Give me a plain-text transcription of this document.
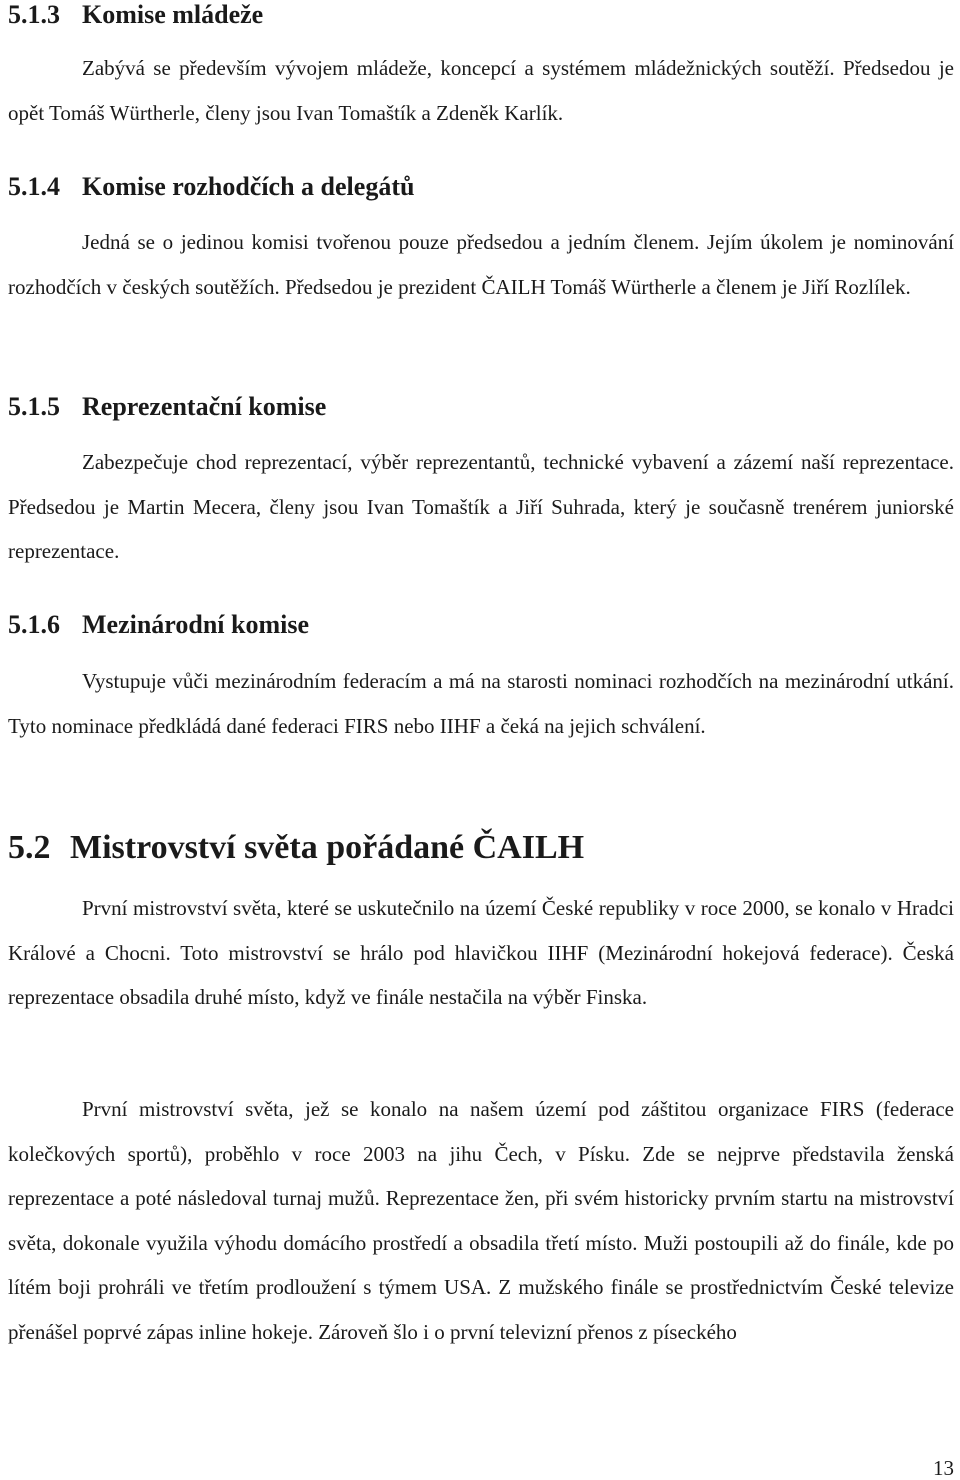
5.1.3 Komise mládeže

Zabývá se především vývojem mládeže, koncepcí a systémem mládežnických soutěží. Předsedou je opět Tomáš Würtherle, členy jsou Ivan Tomaštík a Zdeněk Karlík.

5.1.4 Komise rozhodčích a delegátů

Jedná se o jedinou komisi tvořenou pouze předsedou a jedním členem. Jejím úkolem je nominování rozhodčích v českých soutěžích. Předsedou je prezident ČAILH Tomáš Würtherle a členem je Jiří Rozlílek.

5.1.5 Reprezentační komise

Zabezpečuje chod reprezentací, výběr reprezentantů, technické vybavení a zázemí naší reprezentace. Předsedou je Martin Mecera, členy jsou Ivan Tomaštík a Jiří Suhrada, který je současně trenérem juniorské reprezentace.

5.1.6 Mezinárodní komise

Vystupuje vůči mezinárodním federacím a má na starosti nominaci rozhodčích na mezinárodní utkání. Tyto nominace předkládá dané federaci FIRS nebo IIHF a čeká na jejich schválení.

5.2 Mistrovství světa pořádané ČAILH

První mistrovství světa, které se uskutečnilo na území České republiky v roce 2000, se konalo v Hradci Králové a Chocni. Toto mistrovství se hrálo pod hlavičkou IIHF (Mezinárodní hokejová federace). Česká reprezentace obsadila druhé místo, když ve finále nestačila na výběr Finska.

První mistrovství světa, jež se konalo na našem území pod záštitou organizace FIRS (federace kolečkových sportů), proběhlo v roce 2003 na jihu Čech, v Písku. Zde se nejprve představila ženská reprezentace a poté následoval turnaj mužů. Reprezentace žen, při svém historicky prvním startu na mistrovství světa, dokonale využila výhodu domácího prostředí a obsadila třetí místo. Muži postoupili až do finále, kde po lítém boji prohráli ve třetím prodloužení s týmem USA. Z mužského finále se prostřednictvím České televize přenášel poprvé zápas inline hokeje. Zároveň šlo i o první televizní přenos z píseckého

13
